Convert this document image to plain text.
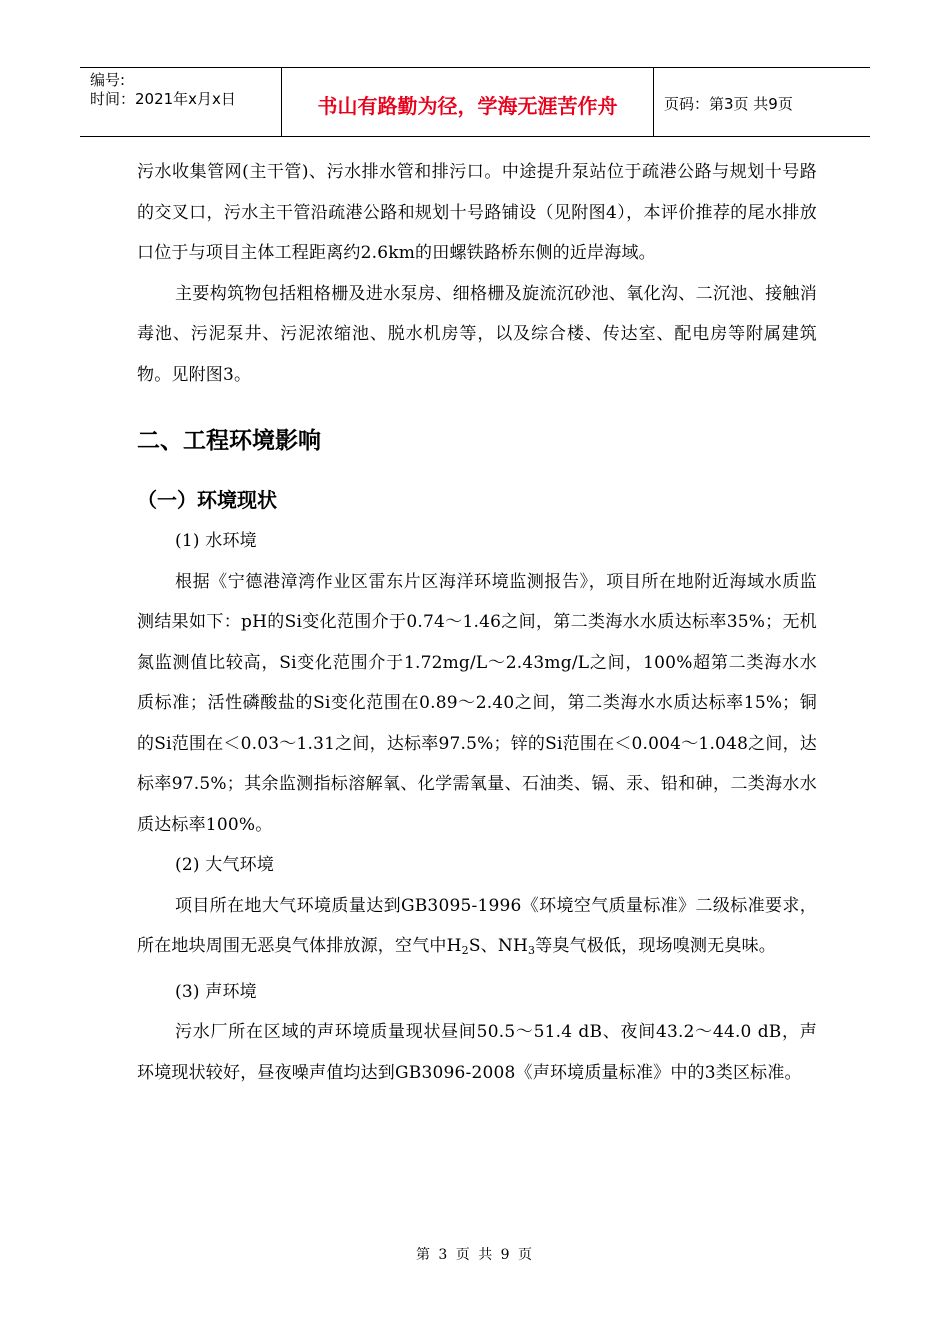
编号:
时间：2021年x月x日	书山有路勤为径，学海无涯苦作舟	页码：第3页 共9页

污水收集管网(主干管)、污水排水管和排污口。中途提升泵站位于疏港公路与规划十号路的交叉口，污水主干管沿疏港公路和规划十号路铺设（见附图4），本评价推荐的尾水排放口位于与项目主体工程距离约2.6km的田螺铁路桥东侧的近岸海域。

主要构筑物包括粗格栅及进水泵房、细格栅及旋流沉砂池、氧化沟、二沉池、接触消毒池、污泥泵井、污泥浓缩池、脱水机房等，以及综合楼、传达室、配电房等附属建筑物。见附图3。

二、工程环境影响
（一）环境现状

(1) 水环境

根据《宁德港漳湾作业区雷东片区海洋环境监测报告》，项目所在地附近海域水质监测结果如下：pH的Si变化范围介于0.74～1.46之间，第二类海水水质达标率35%；无机氮监测值比较高，Si变化范围介于1.72mg/L～2.43mg/L之间，100%超第二类海水水质标准；活性磷酸盐的Si变化范围在0.89～2.40之间，第二类海水水质达标率15%；铜的Si范围在＜0.03～1.31之间，达标率97.5%；锌的Si范围在＜0.004～1.048之间，达标率97.5%；其余监测指标溶解氧、化学需氧量、石油类、镉、汞、铅和砷，二类海水水质达标率100%。

(2) 大气环境

项目所在地大气环境质量达到GB3095-1996《环境空气质量标准》二级标准要求，所在地块周围无恶臭气体排放源，空气中$H_2S$、$NH_3$等臭气极低，现场嗅测无臭味。

(3) 声环境

污水厂所在区域的声环境质量现状昼间50.5～51.4 dB、夜间43.2～44.0 dB，声环境现状较好，昼夜噪声值均达到GB3096-2008《声环境质量标准》中的3类区标准。

第 3 页 共 9 页
